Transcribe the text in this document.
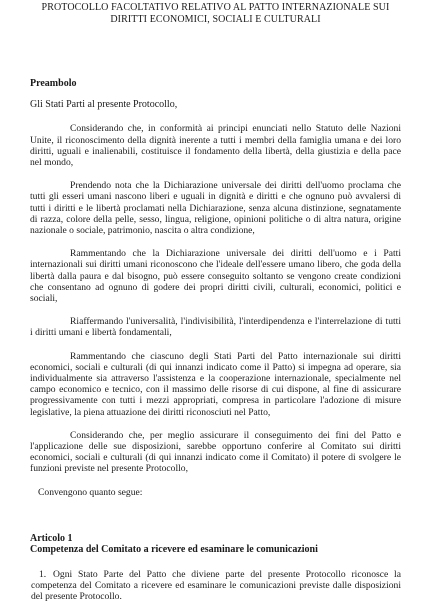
PROTOCOLLO FACOLTATIVO RELATIVO AL PATTO INTERNAZIONALE SUI
DIRITTI ECONOMICI, SOCIALI E CULTURALI
Preambolo
Gli Stati Parti al presente Protocollo,

Considerando che, in conformità ai principi enunciati nello Statuto delle Nazioni Unite, il riconoscimento della dignità inerente a tutti i membri della famiglia umana e dei loro diritti, uguali e inalienabili, costituisce il fondamento della libertà, della giustizia e della pace nel mondo,

Prendendo nota che la Dichiarazione universale dei diritti dell'uomo proclama che tutti gli esseri umani nascono liberi e uguali in dignità e diritti e che ognuno può avvalersi di tutti i diritti e le libertà proclamati nella Dichiarazione, senza alcuna distinzione, segnatamente di razza, colore della pelle, sesso, lingua, religione, opinioni politiche o di altra natura, origine nazionale o sociale, patrimonio, nascita o altra condizione,

Rammentando che la Dichiarazione universale dei diritti dell'uomo e i Patti internazionali sui diritti umani riconoscono che l'ideale dell'essere umano libero, che goda della libertà dalla paura e dal bisogno, può essere conseguito soltanto se vengono create condizioni che consentano ad ognuno di godere dei propri diritti civili, culturali, economici, politici e sociali,

Riaffermando l'universalità, l'indivisibilità, l'interdipendenza e l'interrelazione di tutti i diritti umani e libertà fondamentali,

Rammentando che ciascuno degli Stati Parti del Patto internazionale sui diritti economici, sociali e culturali (di qui innanzi indicato come il Patto) si impegna ad operare, sia individualmente sia attraverso l'assistenza e la cooperazione internazionale, specialmente nel campo economico e tecnico, con il massimo delle risorse di cui dispone, al fine di assicurare progressivamente con tutti i mezzi appropriati, compresa in particolare l'adozione di misure legislative, la piena attuazione dei diritti riconosciuti nel Patto,

Considerando che, per meglio assicurare il conseguimento dei fini del Patto e l'applicazione delle sue disposizioni, sarebbe opportuno conferire al Comitato sui diritti economici, sociali e culturali (di qui innanzi indicato come il Comitato) il potere di svolgere le funzioni previste nel presente Protocollo,

Convengono quanto segue:
Articolo 1
Competenza del Comitato a ricevere ed esaminare le comunicazioni

1. Ogni Stato Parte del Patto che diviene parte del presente Protocollo riconosce la competenza del Comitato a ricevere ed esaminare le comunicazioni previste dalle disposizioni del presente Protocollo.
